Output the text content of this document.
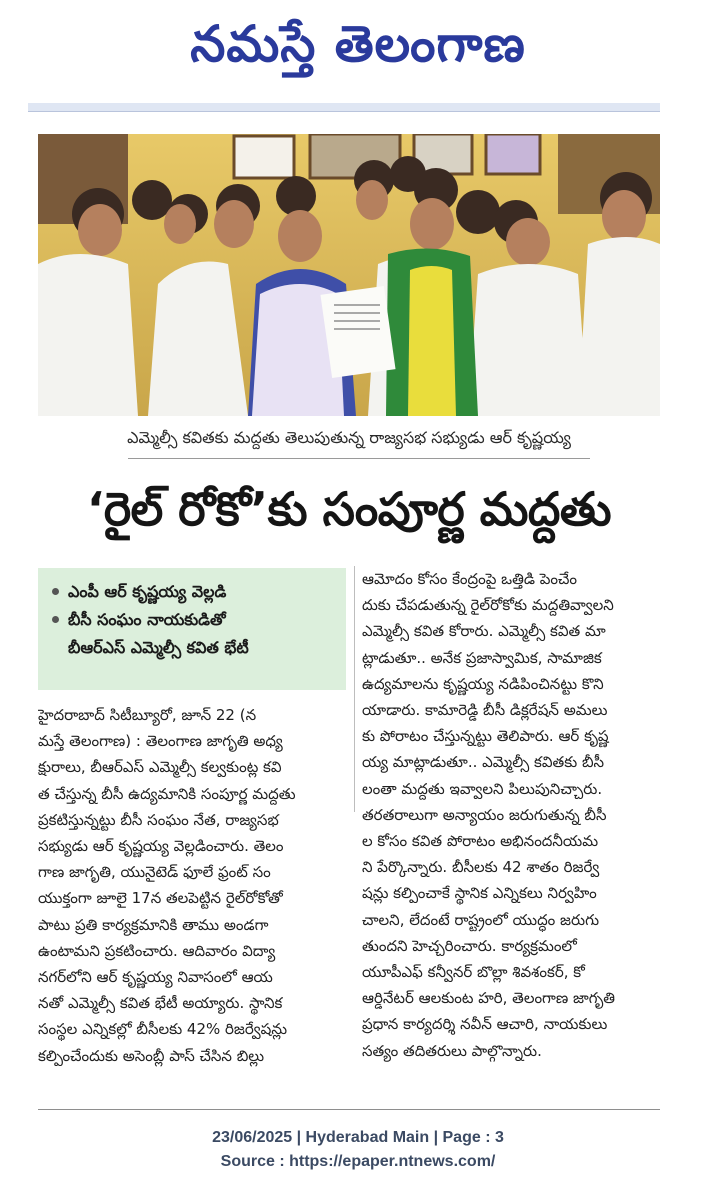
నమస్తే తెలంగాణ
ఎమ్మెల్సీ కవితకు మద్దతు తెలుపుతున్న రాజ్యసభ సభ్యుడు ఆర్ కృష్ణయ్య
‘రైల్ రోకో’కు సంపూర్ణ మద్దతు
ఎంపీ ఆర్ కృష్ణయ్య వెల్లడి
బీసీ సంఘం నాయకుడితో
బీఆర్ఎస్ ఎమ్మెల్సీ కవిత భేటీ
హైదరాబాద్ సిటీబ్యూరో, జూన్ 22 (న
మస్తే తెలంగాణ) : తెలంగాణ జాగృతి అధ్య
క్షురాలు, బీఆర్ఎస్ ఎమ్మెల్సీ కల్వకుంట్ల కవి
త చేస్తున్న బీసీ ఉద్యమానికి సంపూర్ణ మద్దతు
ప్రకటిస్తున్నట్టు బీసీ సంఘం నేత, రాజ్యసభ
సభ్యుడు ఆర్ కృష్ణయ్య వెల్లడించారు. తెలం
గాణ జాగృతి, యునైటెడ్ ఫూలే ఫ్రంట్ సం
యుక్తంగా జూలై 17న తలపెట్టిన రైల్‌రోకోతో
పాటు ప్రతి కార్యక్రమానికి తాము అండగా
ఉంటామని ప్రకటించారు. ఆదివారం విద్యా
నగర్‌లోని ఆర్ కృష్ణయ్య నివాసంలో ఆయ
నతో ఎమ్మెల్సీ కవిత భేటీ అయ్యారు. స్థానిక
సంస్థల ఎన్నికల్లో బీసీలకు 42% రిజర్వేషన్లు
కల్పించేందుకు అసెంబ్లీ పాస్ చేసిన బిల్లు
ఆమోదం కోసం కేంద్రంపై ఒత్తిడి పెంచేం
దుకు చేపడుతున్న రైల్‌రోకోకు మద్దతివ్వాలని
ఎమ్మెల్సీ కవిత కోరారు. ఎమ్మెల్సీ కవిత మా
ట్లాడుతూ.. అనేక ప్రజాస్వామిక, సామాజిక
ఉద్యమాలను కృష్ణయ్య నడిపించినట్టు కొని
యాడారు. కామారెడ్డి బీసీ డిక్లరేషన్ అమలు
కు పోరాటం చేస్తున్నట్టు తెలిపారు. ఆర్ కృష్ణ
య్య మాట్లాడుతూ.. ఎమ్మెల్సీ కవితకు బీసీ
లంతా మద్దతు ఇవ్వాలని పిలుపునిచ్చారు.
తరతరాలుగా అన్యాయం జరుగుతున్న బీసీ
ల కోసం కవిత పోరాటం అభినందనీయమ
ని పేర్కొన్నారు. బీసీలకు 42 శాతం రిజర్వే
షన్లు కల్పించాకే స్థానిక ఎన్నికలు నిర్వహిం
చాలని, లేదంటే రాష్ట్రంలో యుద్ధం జరుగు
తుందని హెచ్చరించారు. కార్యక్రమంలో
యూపీఎఫ్ కన్వీనర్ బొల్లా శివశంకర్, కో
ఆర్డినేటర్ ఆలకుంట హరి, తెలంగాణ జాగృతి
ప్రధాన కార్యదర్శి నవీన్ ఆచారి, నాయకులు
సత్యం తదితరులు పాల్గొన్నారు.
23/06/2025 | Hyderabad Main | Page : 3
Source : https://epaper.ntnews.com/
